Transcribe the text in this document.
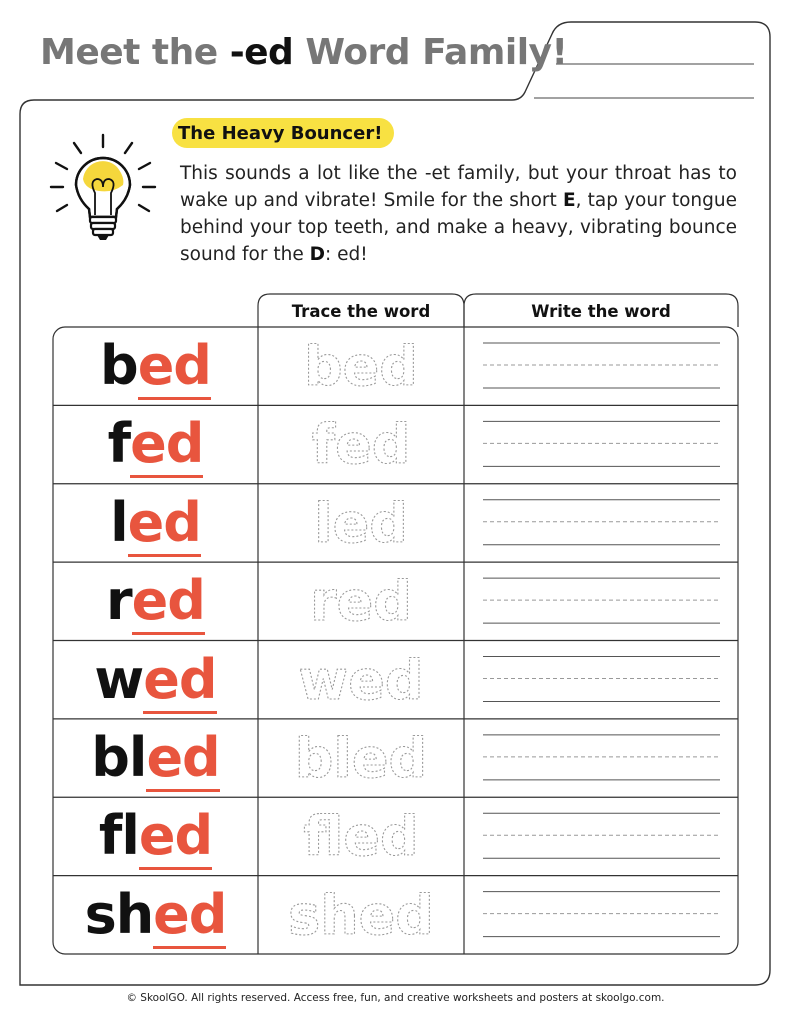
Meet the -ed Word Family!
The Heavy Bouncer!
This sounds a lot like the -et family, but your throat has to wake up and vibrate! Smile for the short E, tap your tongue behind your top teeth, and make a heavy, vibrating bounce sound for the D: ed!
Trace the word	Write the word
bed bed
fed fed
led led
red red
wed wed
bled bled
fled fled
shed shed
© SkoolGO. All rights reserved. Access free, fun, and creative worksheets and posters at skoolgo.com.
